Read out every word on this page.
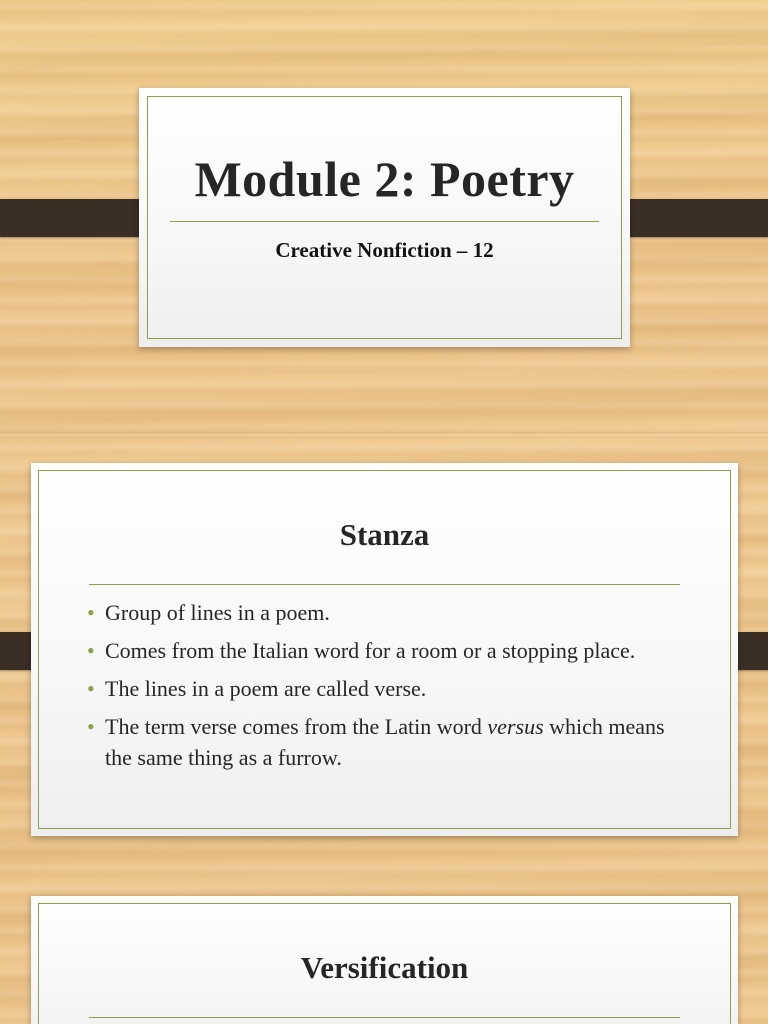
Module 2: Poetry
Creative Nonfiction – 12
Stanza
• Group of lines in a poem.
• Comes from the Italian word for a room or a stopping place.
• The lines in a poem are called verse.
• The term verse comes from the Latin word versus which means the same thing as a furrow.
Versification
